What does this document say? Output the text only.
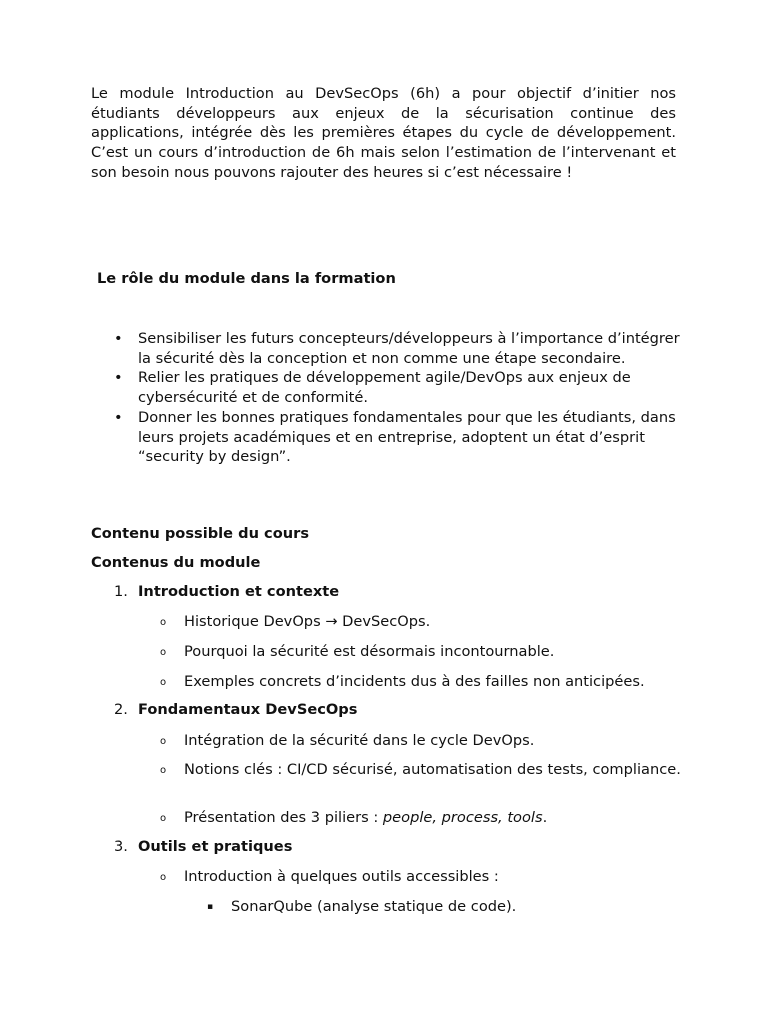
Le module Introduction au DevSecOps (6h) a pour objectif d’initier nos étudiants développeurs aux enjeux de la sécurisation continue des applications, intégrée dès les premières étapes du cycle de développement. C’est un cours d’introduction de 6h mais selon l’estimation de l’intervenant et son besoin nous pouvons rajouter des heures si c’est nécessaire !

Le rôle du module dans la formation

• Sensibiliser les futurs concepteurs/développeurs à l’importance d’intégrer la sécurité dès la conception et non comme une étape secondaire.
• Relier les pratiques de développement agile/DevOps aux enjeux de cybersécurité et de conformité.
• Donner les bonnes pratiques fondamentales pour que les étudiants, dans leurs projets académiques et en entreprise, adoptent un état d’esprit “security by design”.

Contenu possible du cours

Contenus du module

1. Introduction et contexte

o Historique DevOps → DevSecOps.
o Pourquoi la sécurité est désormais incontournable.
o Exemples concrets d’incidents dus à des failles non anticipées.

2. Fondamentaux DevSecOps

o Intégration de la sécurité dans le cycle DevOps.
o Notions clés : CI/CD sécurisé, automatisation des tests, compliance.
o Présentation des 3 piliers : people, process, tools.

3. Outils et pratiques

o Introduction à quelques outils accessibles :

▪ SonarQube (analyse statique de code).
